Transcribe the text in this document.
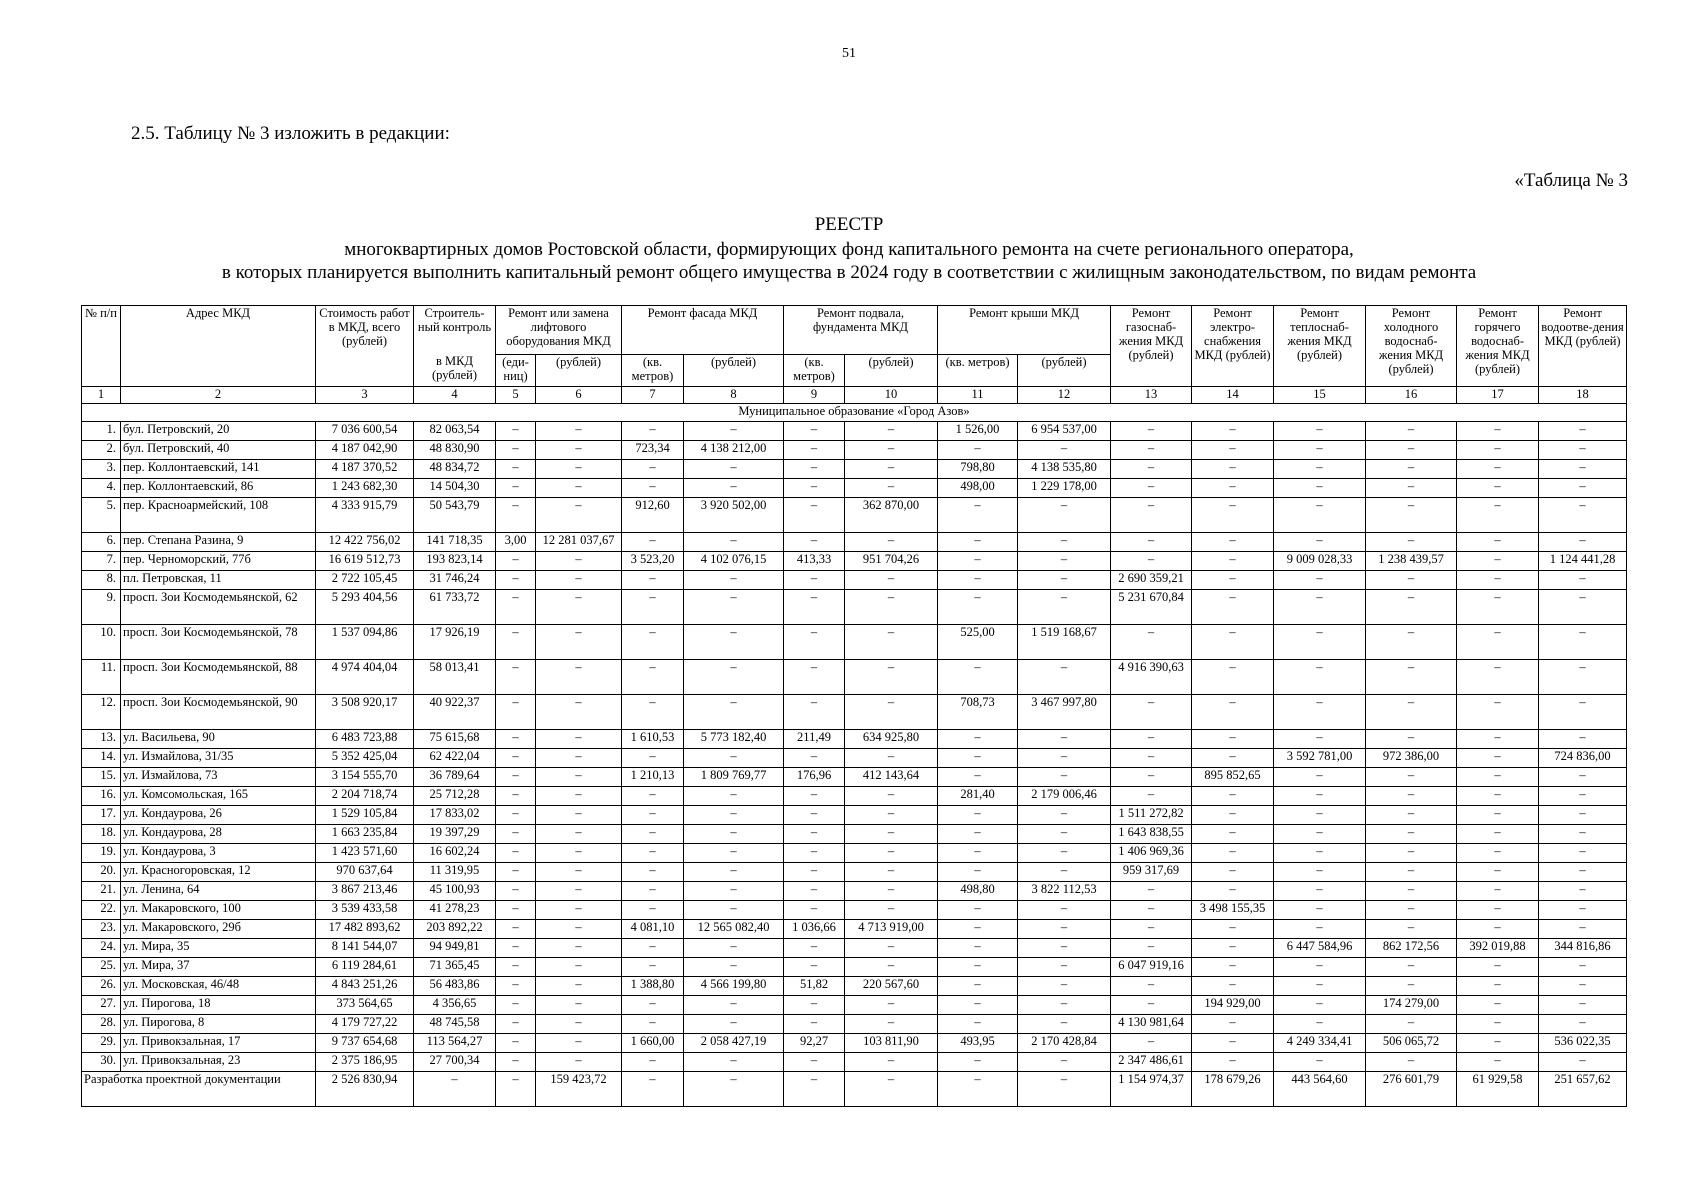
51
2.5. Таблицу № 3 изложить в редакции:
«Таблица № 3
РЕЕСТР
многоквартирных домов Ростовской области, формирующих фонд капитального ремонта на счете регионального оператора,
в которых планируется выполнить капитальный ремонт общего имущества в 2024 году в соответствии с жилищным законодательством, по видам ремонта
№ п/п	Адрес МКД	Стоимость работ в МКД, всего (рублей)	Строитель-ный контроль	Ремонт или замена лифтового оборудования МКД		Ремонт фасада МКД		Ремонт подвала, фундамента МКД		Ремонт крыши МКД		Ремонт газоснаб-жения МКД (рублей)	Ремонт электро-снабжения МКД (рублей)	Ремонт теплоснаб-жения МКД (рублей)	Ремонт холодного водоснаб-жения МКД (рублей)	Ремонт горячего водоснаб-жения МКД (рублей)	Ремонт водоотве-дения МКД (рублей)
			в МКД (рублей)	(еди-ниц)	(рублей)	(кв. метров)	(рублей)	(кв. метров)	(рублей)	(кв. метров)	(рублей)						
1	2	3	4	5	6	7	8	9	10	11	12	13	14	15	16	17	18
Муниципальное образование «Город Азов»																	
1.	бул. Петровский, 20	7 036 600,54	82 063,54	–	–	–	–	–	–	1 526,00	6 954 537,00	–	–	–	–	–	–
2.	бул. Петровский, 40	4 187 042,90	48 830,90	–	–	723,34	4 138 212,00	–	–	–	–	–	–	–	–	–	–
3.	пер. Коллонтаевский, 141	4 187 370,52	48 834,72	–	–	–	–	–	–	798,80	4 138 535,80	–	–	–	–	–	–
4.	пер. Коллонтаевский, 86	1 243 682,30	14 504,30	–	–	–	–	–	–	498,00	1 229 178,00	–	–	–	–	–	–
5.	пер. Красноармейский, 108	4 333 915,79	50 543,79	–	–	912,60	3 920 502,00	–	362 870,00	–	–	–	–	–	–	–	–
6.	пер. Степана Разина, 9	12 422 756,02	141 718,35	3,00	12 281 037,67	–	–	–	–	–	–	–	–	–	–	–	–
7.	пер. Черноморский, 77б	16 619 512,73	193 823,14	–	–	3 523,20	4 102 076,15	413,33	951 704,26	–	–	–	–	9 009 028,33	1 238 439,57	–	1 124 441,28
8.	пл. Петровская, 11	2 722 105,45	31 746,24	–	–	–	–	–	–	–	–	2 690 359,21	–	–	–	–	–
9.	просп. Зои Космодемьянской, 62	5 293 404,56	61 733,72	–	–	–	–	–	–	–	–	5 231 670,84	–	–	–	–	–
10.	просп. Зои Космодемьянской, 78	1 537 094,86	17 926,19	–	–	–	–	–	–	525,00	1 519 168,67	–	–	–	–	–	–
11.	просп. Зои Космодемьянской, 88	4 974 404,04	58 013,41	–	–	–	–	–	–	–	–	4 916 390,63	–	–	–	–	–
12.	просп. Зои Космодемьянской, 90	3 508 920,17	40 922,37	–	–	–	–	–	–	708,73	3 467 997,80	–	–	–	–	–	–
13.	ул. Васильева, 90	6 483 723,88	75 615,68	–	–	1 610,53	5 773 182,40	211,49	634 925,80	–	–	–	–	–	–	–	–
14.	ул. Измайлова, 31/35	5 352 425,04	62 422,04	–	–	–	–	–	–	–	–	–	–	3 592 781,00	972 386,00	–	724 836,00
15.	ул. Измайлова, 73	3 154 555,70	36 789,64	–	–	1 210,13	1 809 769,77	176,96	412 143,64	–	–	–	895 852,65	–	–	–	–
16.	ул. Комсомольская, 165	2 204 718,74	25 712,28	–	–	–	–	–	–	281,40	2 179 006,46	–	–	–	–	–	–
17.	ул. Кондаурова, 26	1 529 105,84	17 833,02	–	–	–	–	–	–	–	–	1 511 272,82	–	–	–	–	–
18.	ул. Кондаурова, 28	1 663 235,84	19 397,29	–	–	–	–	–	–	–	–	1 643 838,55	–	–	–	–	–
19.	ул. Кондаурова, 3	1 423 571,60	16 602,24	–	–	–	–	–	–	–	–	1 406 969,36	–	–	–	–	–
20.	ул. Красногоровская, 12	970 637,64	11 319,95	–	–	–	–	–	–	–	–	959 317,69	–	–	–	–	–
21.	ул. Ленина, 64	3 867 213,46	45 100,93	–	–	–	–	–	–	498,80	3 822 112,53	–	–	–	–	–	–
22.	ул. Макаровского, 100	3 539 433,58	41 278,23	–	–	–	–	–	–	–	–	–	3 498 155,35	–	–	–	–
23.	ул. Макаровского, 29б	17 482 893,62	203 892,22	–	–	4 081,10	12 565 082,40	1 036,66	4 713 919,00	–	–	–	–	–	–	–	–
24.	ул. Мира, 35	8 141 544,07	94 949,81	–	–	–	–	–	–	–	–	–	–	6 447 584,96	862 172,56	392 019,88	344 816,86
25.	ул. Мира, 37	6 119 284,61	71 365,45	–	–	–	–	–	–	–	–	6 047 919,16	–	–	–	–	–
26.	ул. Московская, 46/48	4 843 251,26	56 483,86	–	–	1 388,80	4 566 199,80	51,82	220 567,60	–	–	–	–	–	–	–	–
27.	ул. Пирогова, 18	373 564,65	4 356,65	–	–	–	–	–	–	–	–	–	194 929,00	–	174 279,00	–	–
28.	ул. Пирогова, 8	4 179 727,22	48 745,58	–	–	–	–	–	–	–	–	4 130 981,64	–	–	–	–	–
29.	ул. Привокзальная, 17	9 737 654,68	113 564,27	–	–	1 660,00	2 058 427,19	92,27	103 811,90	493,95	2 170 428,84	–	–	4 249 334,41	506 065,72	–	536 022,35
30.	ул. Привокзальная, 23	2 375 186,95	27 700,34	–	–	–	–	–	–	–	–	2 347 486,61	–	–	–	–	–
Разработка проектной документации		2 526 830,94	–	–	159 423,72	–	–	–	–	–	–	1 154 974,37	178 679,26	443 564,60	276 601,79	61 929,58	251 657,62
